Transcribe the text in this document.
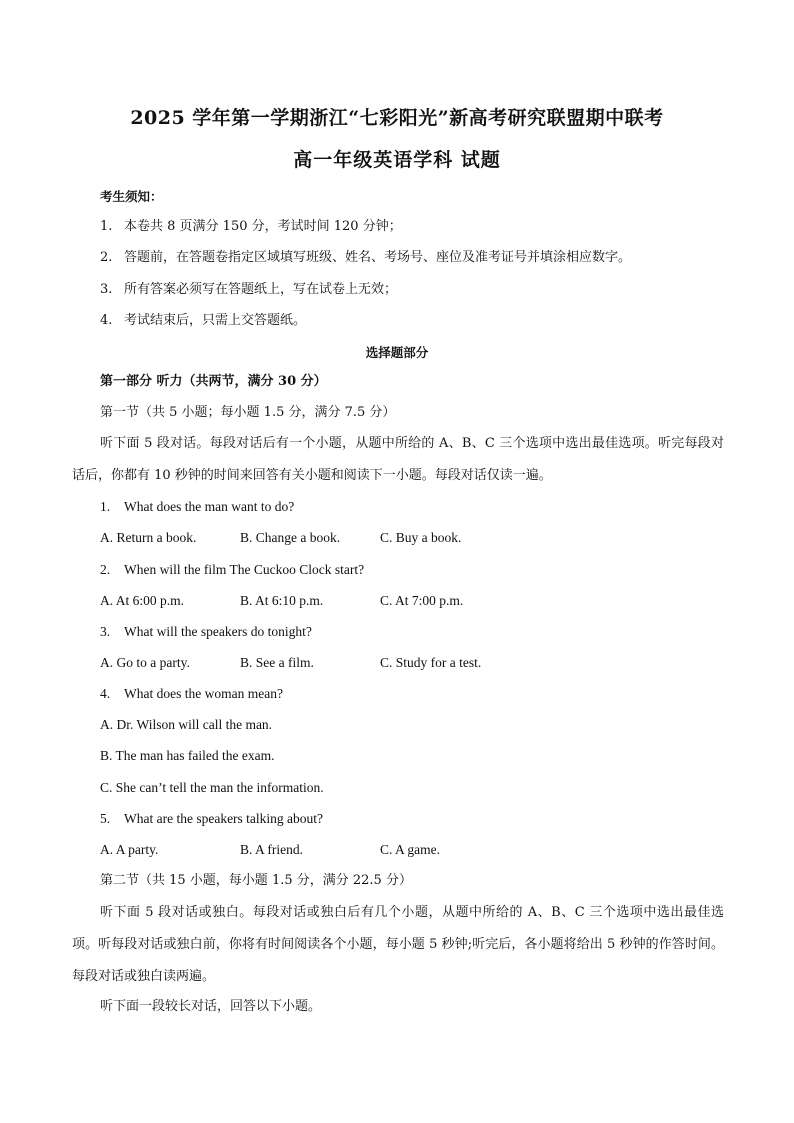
2025 学年第一学期浙江“七彩阳光”新高考研究联盟期中联考
高一年级英语学科 试题
考生须知：
1. 本卷共 8 页满分 150 分，考试时间 120 分钟；
2. 答题前，在答题卷指定区域填写班级、姓名、考场号、座位及准考证号并填涂相应数字。
3. 所有答案必须写在答题纸上，写在试卷上无效；
4. 考试结束后，只需上交答题纸。
选择题部分
第一部分 听力（共两节，满分 30 分）
第一节（共 5 小题；每小题 1.5 分，满分 7.5 分）
听下面 5 段对话。每段对话后有一个小题，从题中所给的 A、B、C 三个选项中选出最佳选项。听完每段对话后，你都有 10 秒钟的时间来回答有关小题和阅读下一小题。每段对话仅读一遍。
1. What does the man want to do?
A. Return a book.	B. Change a book.	C. Buy a book.
2. When will the film The Cuckoo Clock start?
A. At 6:00 p.m.	B. At 6:10 p.m.	C. At 7:00 p.m.
3. What will the speakers do tonight?
A. Go to a party.	B. See a film.	C. Study for a test.
4. What does the woman mean?
A. Dr. Wilson will call the man.
B. The man has failed the exam.
C. She can’t tell the man the information.
5. What are the speakers talking about?
A. A party.	B. A friend.	C. A game.
第二节（共 15 小题，每小题 1.5 分，满分 22.5 分）
听下面 5 段对话或独白。每段对话或独白后有几个小题，从题中所给的 A、B、C 三个选项中选出最佳选项。听每段对话或独白前，你将有时间阅读各个小题，每小题 5 秒钟;听完后，各小题将给出 5 秒钟的作答时间。每段对话或独白读两遍。
听下面一段较长对话，回答以下小题。
